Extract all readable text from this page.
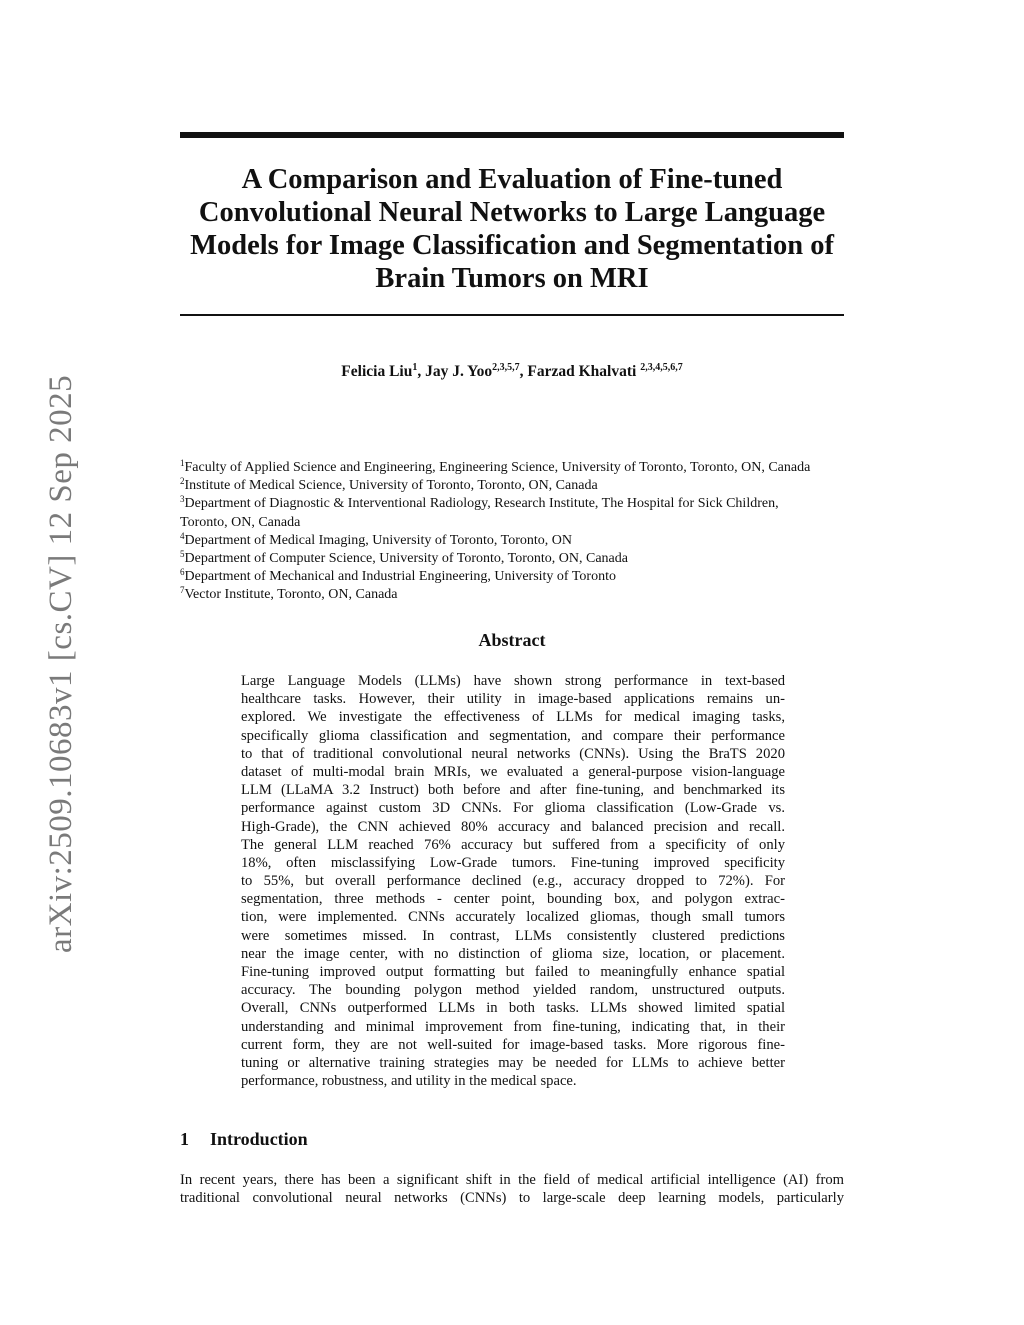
arXiv:2509.10683v1 [cs.CV] 12 Sep 2025
A Comparison and Evaluation of Fine-tuned
Convolutional Neural Networks to Large Language
Models for Image Classification and Segmentation of
Brain Tumors on MRI
Felicia Liu$^1$, Jay J. Yoo$^{2,3,5,7}$, Farzad Khalvati $^{2,3,4,5,6,7}$
$^1$Faculty of Applied Science and Engineering, Engineering Science, University of Toronto, Toronto, ON, Canada
$^2$Institute of Medical Science, University of Toronto, Toronto, ON, Canada
$^3$Department of Diagnostic & Interventional Radiology, Research Institute, The Hospital for Sick Children,
Toronto, ON, Canada
$^4$Department of Medical Imaging, University of Toronto, Toronto, ON
$^5$Department of Computer Science, University of Toronto, Toronto, ON, Canada
$^6$Department of Mechanical and Industrial Engineering, University of Toronto
$^7$Vector Institute, Toronto, ON, Canada
Abstract
Large Language Models (LLMs) have shown strong performance in text-based
healthcare tasks. However, their utility in image-based applications remains un-
explored. We investigate the effectiveness of LLMs for medical imaging tasks,
specifically glioma classification and segmentation, and compare their performance
to that of traditional convolutional neural networks (CNNs). Using the BraTS 2020
dataset of multi-modal brain MRIs, we evaluated a general-purpose vision-language
LLM (LLaMA 3.2 Instruct) both before and after fine-tuning, and benchmarked its
performance against custom 3D CNNs. For glioma classification (Low-Grade vs.
High-Grade), the CNN achieved 80% accuracy and balanced precision and recall.
The general LLM reached 76% accuracy but suffered from a specificity of only
18%, often misclassifying Low-Grade tumors. Fine-tuning improved specificity
to 55%, but overall performance declined (e.g., accuracy dropped to 72%). For
segmentation, three methods - center point, bounding box, and polygon extrac-
tion, were implemented. CNNs accurately localized gliomas, though small tumors
were sometimes missed. In contrast, LLMs consistently clustered predictions
near the image center, with no distinction of glioma size, location, or placement.
Fine-tuning improved output formatting but failed to meaningfully enhance spatial
accuracy. The bounding polygon method yielded random, unstructured outputs.
Overall, CNNs outperformed LLMs in both tasks. LLMs showed limited spatial
understanding and minimal improvement from fine-tuning, indicating that, in their
current form, they are not well-suited for image-based tasks. More rigorous fine-
tuning or alternative training strategies may be needed for LLMs to achieve better
performance, robustness, and utility in the medical space.
1 Introduction
In recent years, there has been a significant shift in the field of medical artificial intelligence (AI) from
traditional convolutional neural networks (CNNs) to large-scale deep learning models, particularly
